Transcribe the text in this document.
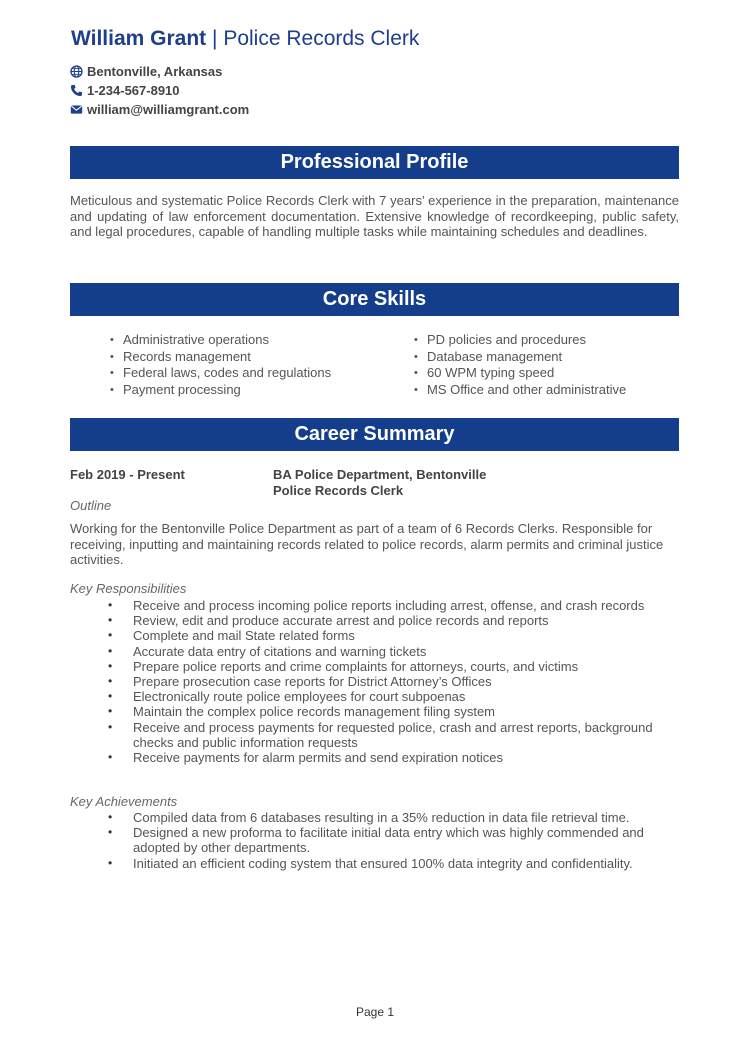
William Grant | Police Records Clerk
Bentonville, Arkansas
1-234-567-8910
william@williamgrant.com
Professional Profile
Meticulous and systematic Police Records Clerk with 7 years’ experience in the preparation, maintenance and updating of law enforcement documentation. Extensive knowledge of recordkeeping, public safety, and legal procedures, capable of handling multiple tasks while maintaining schedules and deadlines.
Core Skills
• Administrative operations
• Records management
• Federal laws, codes and regulations
• Payment processing
• PD policies and procedures
• Database management
• 60 WPM typing speed
• MS Office and other administrative
Career Summary
Feb 2019 - Present	BA Police Department, Bentonville
Police Records Clerk
Outline
Working for the Bentonville Police Department as part of a team of 6 Records Clerks. Responsible for receiving, inputting and maintaining records related to police records, alarm permits and criminal justice activities.
Key Responsibilities
• Receive and process incoming police reports including arrest, offense, and crash records
• Review, edit and produce accurate arrest and police records and reports
• Complete and mail State related forms
• Accurate data entry of citations and warning tickets
• Prepare police reports and crime complaints for attorneys, courts, and victims
• Prepare prosecution case reports for District Attorney’s Offices
• Electronically route police employees for court subpoenas
• Maintain the complex police records management filing system
• Receive and process payments for requested police, crash and arrest reports, background checks and public information requests
• Receive payments for alarm permits and send expiration notices
Key Achievements
• Compiled data from 6 databases resulting in a 35% reduction in data file retrieval time.
• Designed a new proforma to facilitate initial data entry which was highly commended and adopted by other departments.
• Initiated an efficient coding system that ensured 100% data integrity and confidentiality.
Page 1
